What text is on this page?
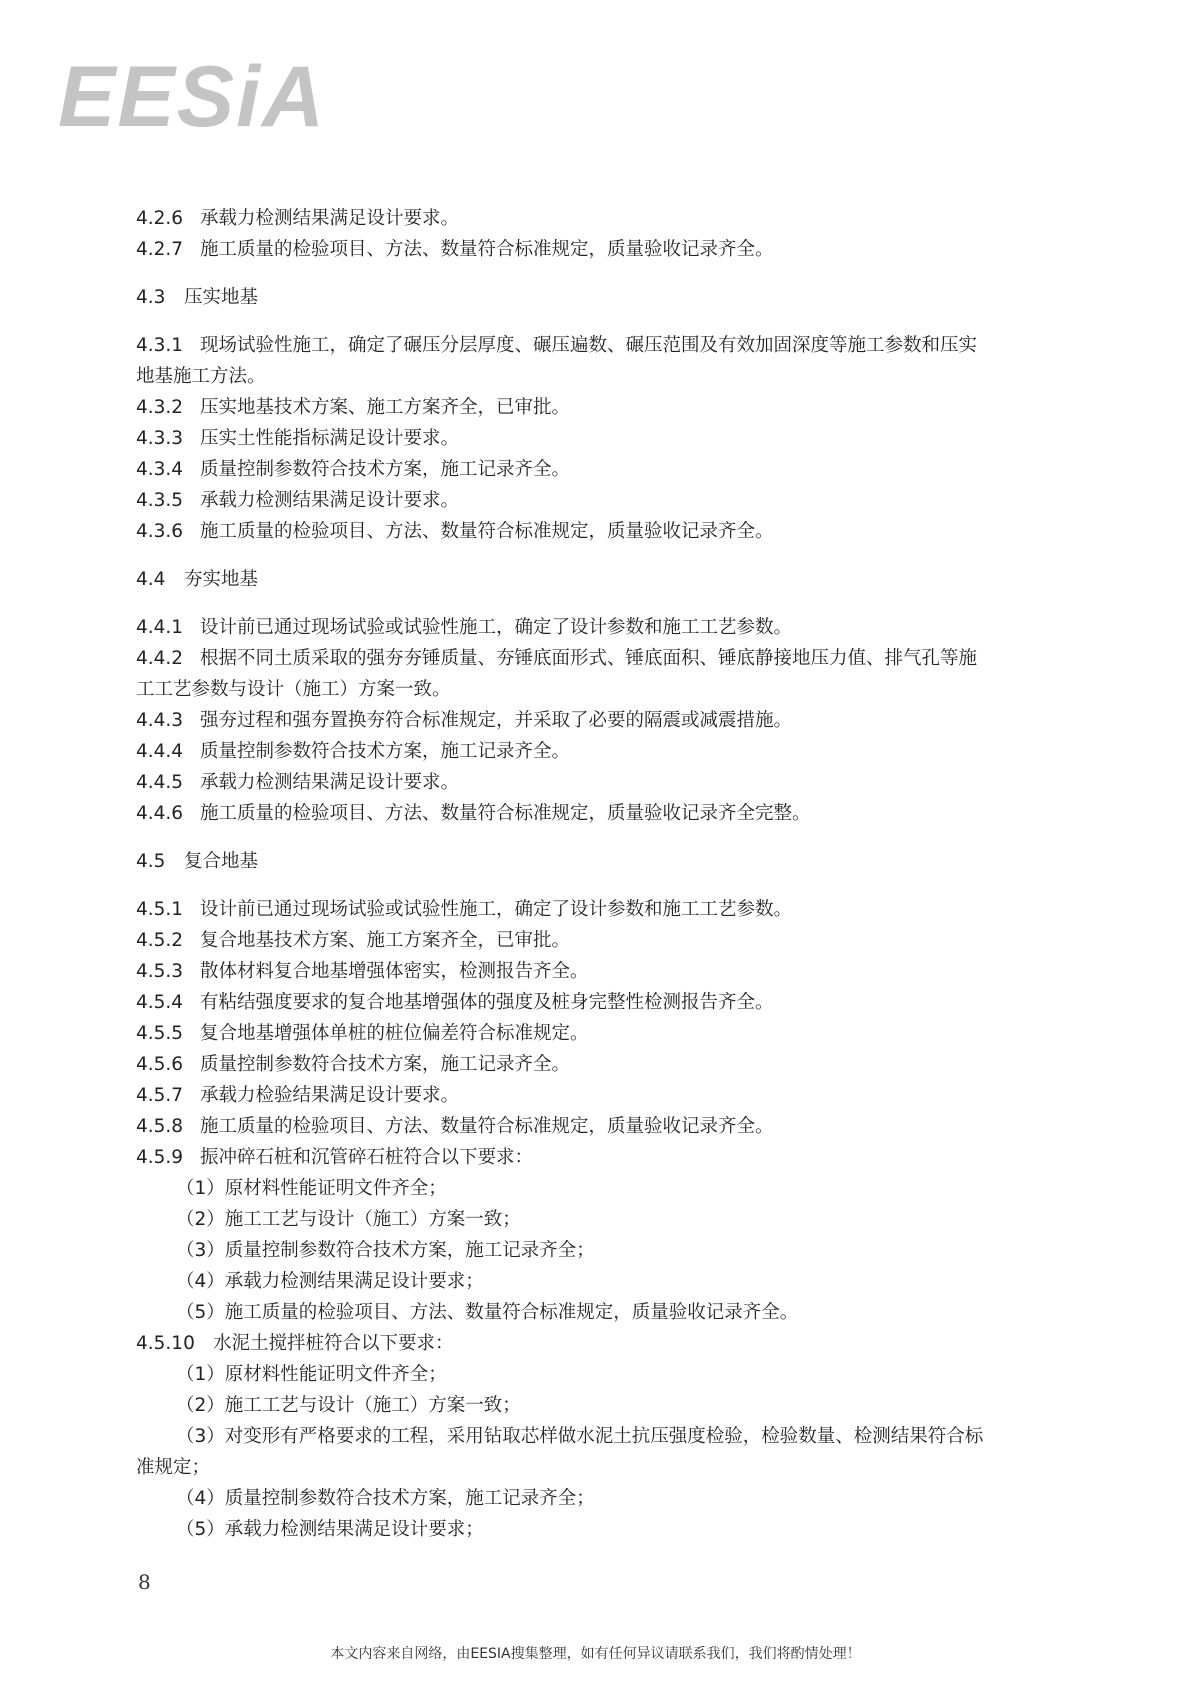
EESiA

4.2.6 承载力检测结果满足设计要求。

4.2.7 施工质量的检验项目、方法、数量符合标准规定，质量验收记录齐全。

4.3 压实地基

4.3.1 现场试验性施工，确定了碾压分层厚度、碾压遍数、碾压范围及有效加固深度等施工参数和压实

地基施工方法。

4.3.2 压实地基技术方案、施工方案齐全，已审批。

4.3.3 压实土性能指标满足设计要求。

4.3.4 质量控制参数符合技术方案，施工记录齐全。

4.3.5 承载力检测结果满足设计要求。

4.3.6 施工质量的检验项目、方法、数量符合标准规定，质量验收记录齐全。

4.4 夯实地基

4.4.1 设计前已通过现场试验或试验性施工，确定了设计参数和施工工艺参数。

4.4.2 根据不同土质采取的强夯夯锤质量、夯锤底面形式、锤底面积、锤底静接地压力值、排气孔等施

工工艺参数与设计（施工）方案一致。

4.4.3 强夯过程和强夯置换夯符合标准规定，并采取了必要的隔震或减震措施。

4.4.4 质量控制参数符合技术方案，施工记录齐全。

4.4.5 承载力检测结果满足设计要求。

4.4.6 施工质量的检验项目、方法、数量符合标准规定，质量验收记录齐全完整。

4.5 复合地基

4.5.1 设计前已通过现场试验或试验性施工，确定了设计参数和施工工艺参数。

4.5.2 复合地基技术方案、施工方案齐全，已审批。

4.5.3 散体材料复合地基增强体密实，检测报告齐全。

4.5.4 有粘结强度要求的复合地基增强体的强度及桩身完整性检测报告齐全。

4.5.5 复合地基增强体单桩的桩位偏差符合标准规定。

4.5.6 质量控制参数符合技术方案，施工记录齐全。

4.5.7 承载力检验结果满足设计要求。

4.5.8 施工质量的检验项目、方法、数量符合标准规定，质量验收记录齐全。

4.5.9 振冲碎石桩和沉管碎石桩符合以下要求：

（1）原材料性能证明文件齐全；

（2）施工工艺与设计（施工）方案一致；

（3）质量控制参数符合技术方案，施工记录齐全；

（4）承载力检测结果满足设计要求；

（5）施工质量的检验项目、方法、数量符合标准规定，质量验收记录齐全。

4.5.10 水泥土搅拌桩符合以下要求：

（1）原材料性能证明文件齐全；

（2）施工工艺与设计（施工）方案一致；

（3）对变形有严格要求的工程，采用钻取芯样做水泥土抗压强度检验，检验数量、检测结果符合标

准规定；

（4）质量控制参数符合技术方案，施工记录齐全；

（5）承载力检测结果满足设计要求；

8
本文内容来自网络，由EESIA搜集整理，如有任何异议请联系我们，我们将酌情处理！
